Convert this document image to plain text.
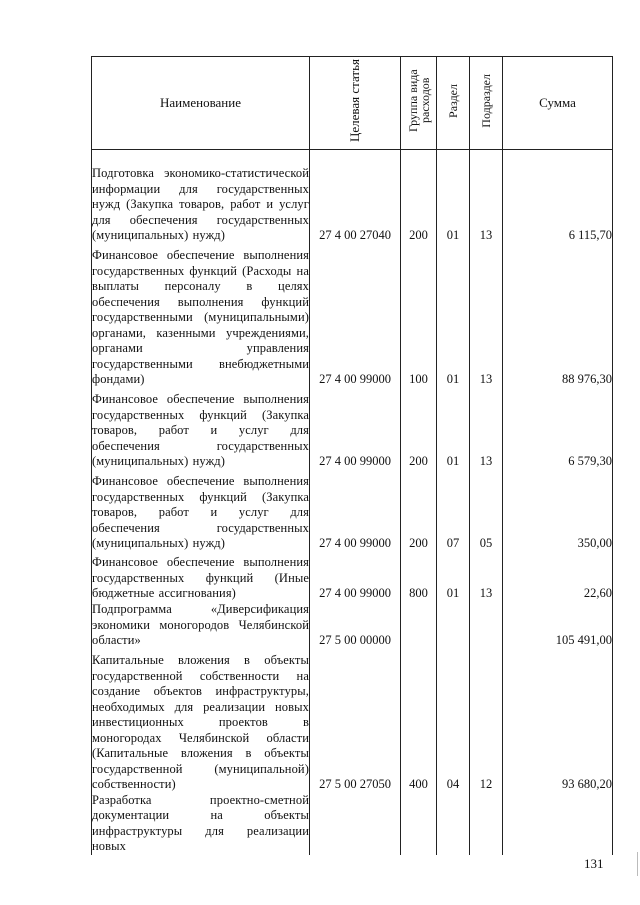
Наименование	Целевая статья	Группа вида расходов	Раздел	Подраздел	Сумма
Подготовка экономико-статистической информации для государственных нужд (Закупка товаров, работ и услуг для обеспечения государственных (муниципальных) нужд)	27 4 00 27040	200	01	13	6 115,70
Финансовое обеспечение выполнения государственных функций (Расходы на выплаты персоналу в целях обеспечения выполнения функций государственными (муниципальными) органами, казенными учреждениями, органами управления государственными внебюджетными фондами)	27 4 00 99000	100	01	13	88 976,30
Финансовое обеспечение выполнения государственных функций (Закупка товаров, работ и услуг для обеспечения государственных (муниципальных) нужд)	27 4 00 99000	200	01	13	6 579,30
Финансовое обеспечение выполнения государственных функций (Закупка товаров, работ и услуг для обеспечения государственных (муниципальных) нужд)	27 4 00 99000	200	07	05	350,00
Финансовое обеспечение выполнения государственных функций (Иные бюджетные ассигнования)	27 4 00 99000	800	01	13	22,60
Подпрограмма «Диверсификация экономики моногородов Челябинской области»	27 5 00 00000				105 491,00
Капитальные вложения в объекты государственной собственности на создание объектов инфраструктуры, необходимых для реализации новых инвестиционных проектов в моногородах Челябинской области (Капитальные вложения в объекты государственной (муниципальной) собственности)	27 5 00 27050	400	04	12	93 680,20
Разработка проектно-сметной документации на объекты инфраструктуры для реализации новых					
131
